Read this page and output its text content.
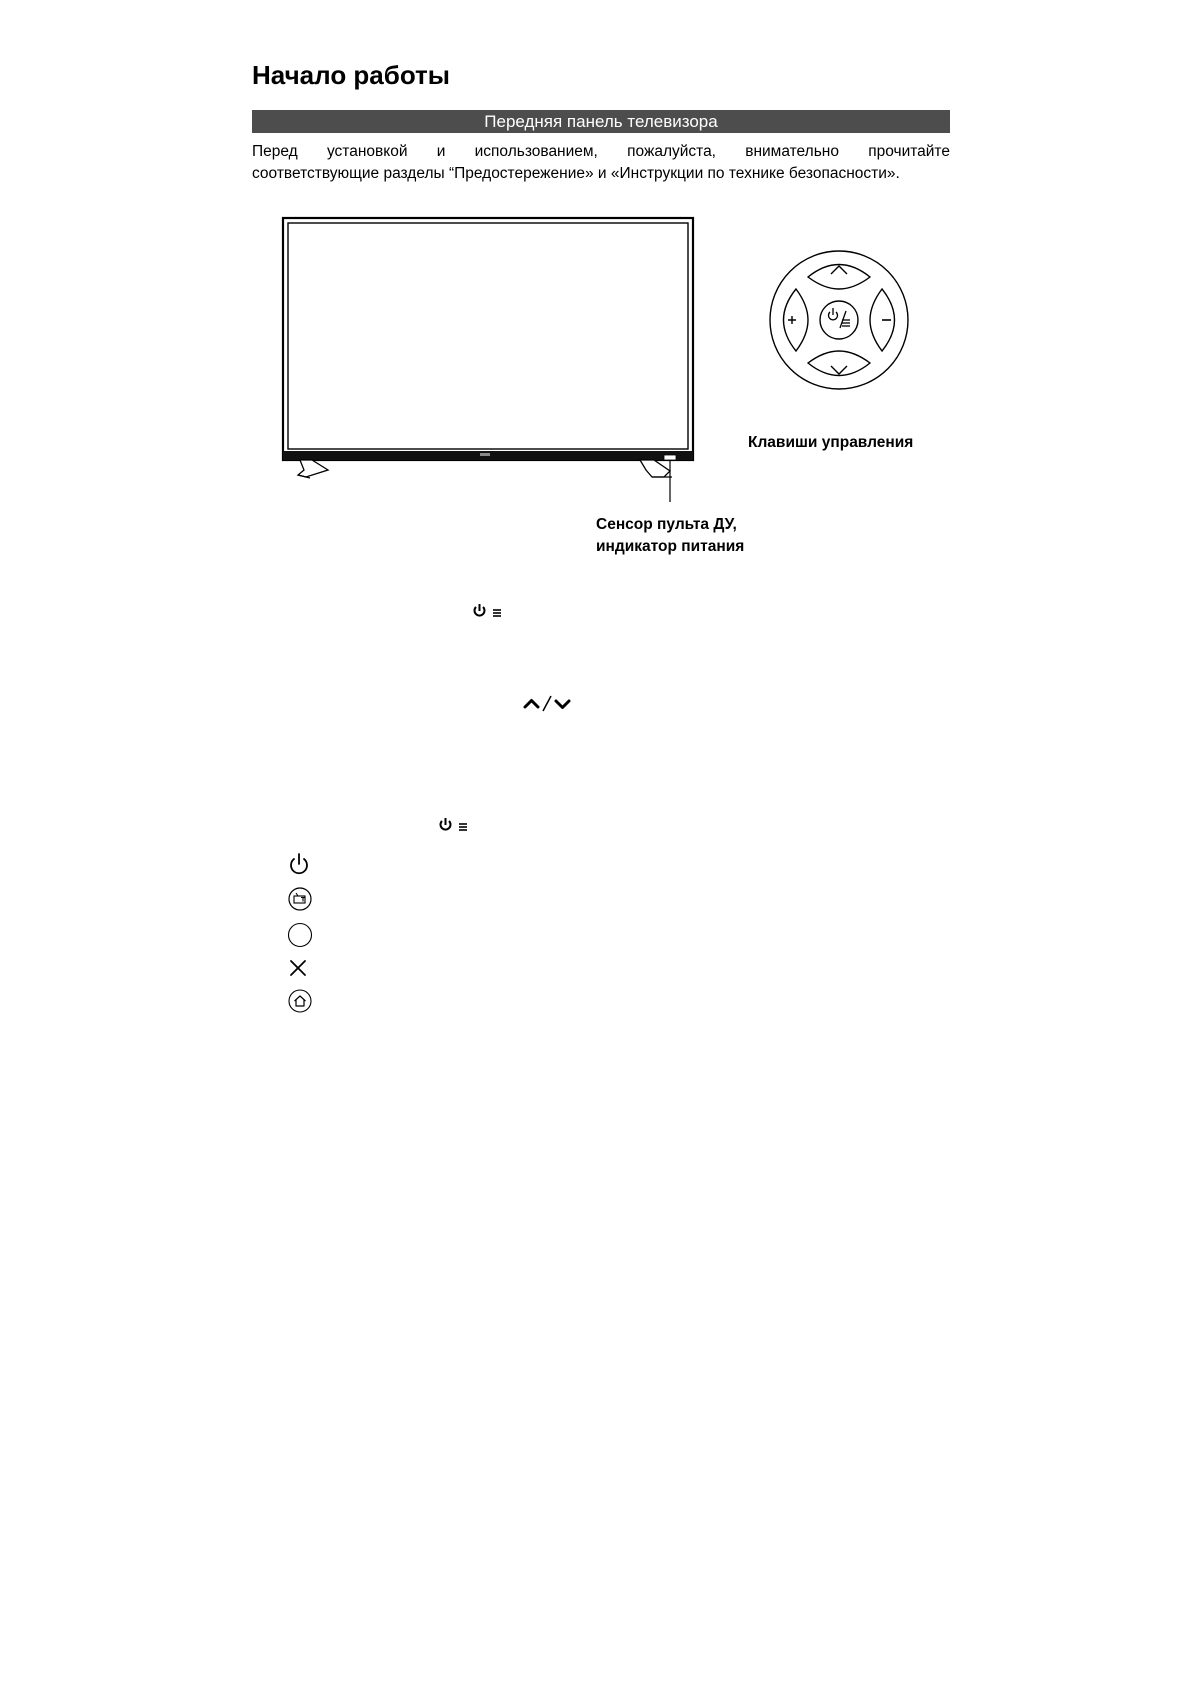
Начало работы
Передняя панель телевизора
Перед установкой и использованием, пожалуйста, внимательно прочитайте
соответствующие разделы “Предостережение» и «Инструкции по технике безопасности».
Клавиши управления
Сенсор пульта ДУ,
индикатор питания
